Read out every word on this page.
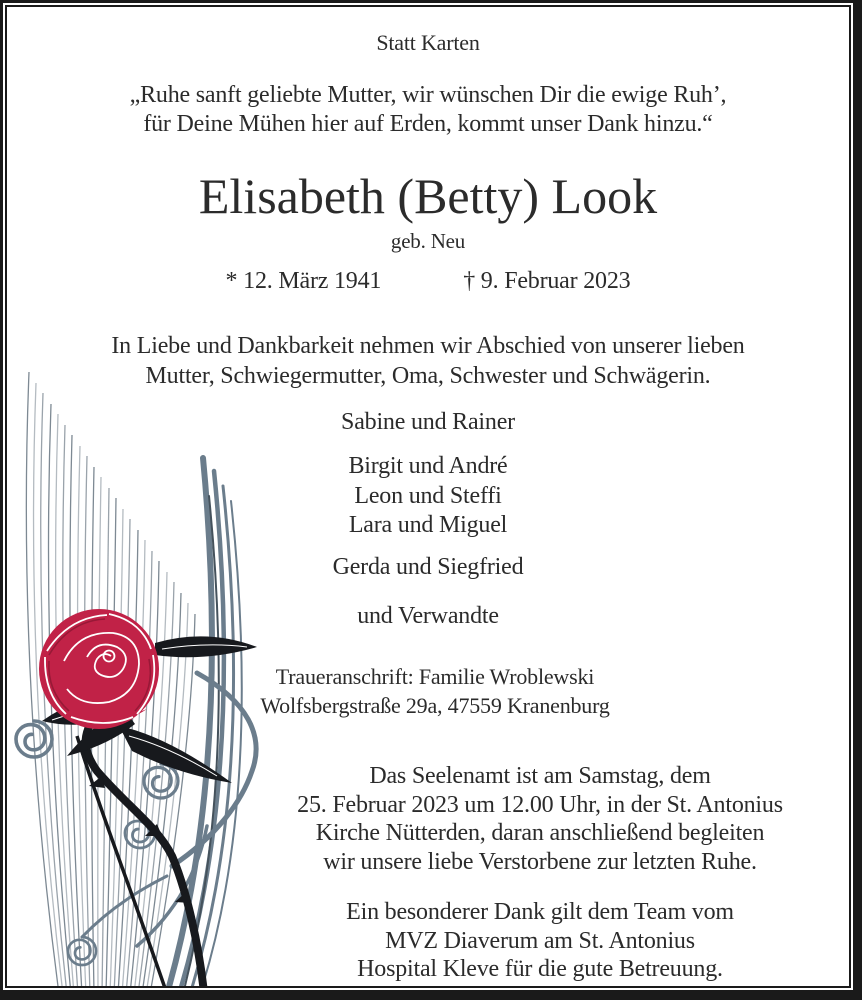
Statt Karten
„Ruhe sanft geliebte Mutter, wir wünschen Dir die ewige Ruh’,
für Deine Mühen hier auf Erden, kommt unser Dank hinzu.“
Elisabeth (Betty) Look
geb. Neu
* 12. März 1941	† 9. Februar 2023
In Liebe und Dankbarkeit nehmen wir Abschied von unserer lieben
Mutter, Schwiegermutter, Oma, Schwester und Schwägerin.
Sabine und Rainer
Birgit und André
Leon und Steffi
Lara und Miguel
Gerda und Siegfried
und Verwandte
Traueranschrift: Familie Wroblewski
Wolfsbergstraße 29a, 47559 Kranenburg
Das Seelenamt ist am Samstag, dem
25. Februar 2023 um 12.00 Uhr, in der St. Antonius
Kirche Nütterden, daran anschließend begleiten
wir unsere liebe Verstorbene zur letzten Ruhe.
Ein besonderer Dank gilt dem Team vom
MVZ Diaverum am St. Antonius
Hospital Kleve für die gute Betreuung.
